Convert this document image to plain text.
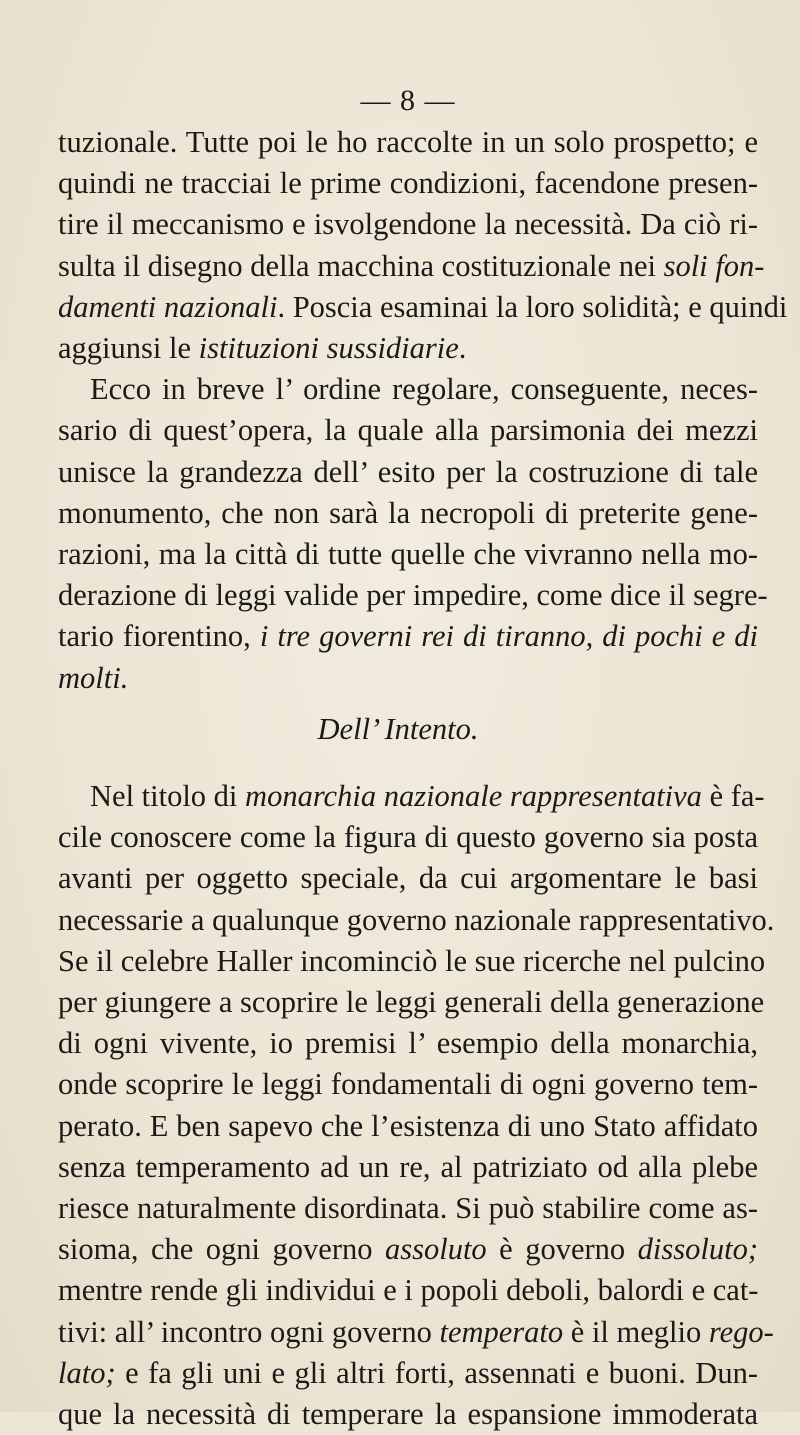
— 8 —
tuzionale. Tutte poi le ho raccolte in un solo prospetto; e
quindi ne tracciai le prime condizioni, facendone presen-
tire il meccanismo e isvolgendone la necessità. Da ciò ri-
sulta il disegno della macchina costituzionale nei soli fon-
damenti nazionali. Poscia esaminai la loro solidità; e quindi
aggiunsi le istituzioni sussidiarie.
Ecco in breve l’ ordine regolare, conseguente, neces-
sario di quest’opera, la quale alla parsimonia dei mezzi
unisce la grandezza dell’ esito per la costruzione di tale
monumento, che non sarà la necropoli di preterite gene-
razioni, ma la città di tutte quelle che vivranno nella mo-
derazione di leggi valide per impedire, come dice il segre-
tario fiorentino, i tre governi rei di tiranno, di pochi e di
molti.
Dell’ Intento.
Nel titolo di monarchia nazionale rappresentativa è fa-
cile conoscere come la figura di questo governo sia posta
avanti per oggetto speciale, da cui argomentare le basi
necessarie a qualunque governo nazionale rappresentativo.
Se il celebre Haller incominciò le sue ricerche nel pulcino
per giungere a scoprire le leggi generali della generazione
di ogni vivente, io premisi l’ esempio della monarchia,
onde scoprire le leggi fondamentali di ogni governo tem-
perato. E ben sapevo che l’esistenza di uno Stato affidato
senza temperamento ad un re, al patriziato od alla plebe
riesce naturalmente disordinata. Si può stabilire come as-
sioma, che ogni governo assoluto è governo dissoluto;
mentre rende gli individui e i popoli deboli, balordi e cat-
tivi: all’ incontro ogni governo temperato è il meglio rego-
lato; e fa gli uni e gli altri forti, assennati e buoni. Dun-
que la necessità di temperare la espansione immoderata
